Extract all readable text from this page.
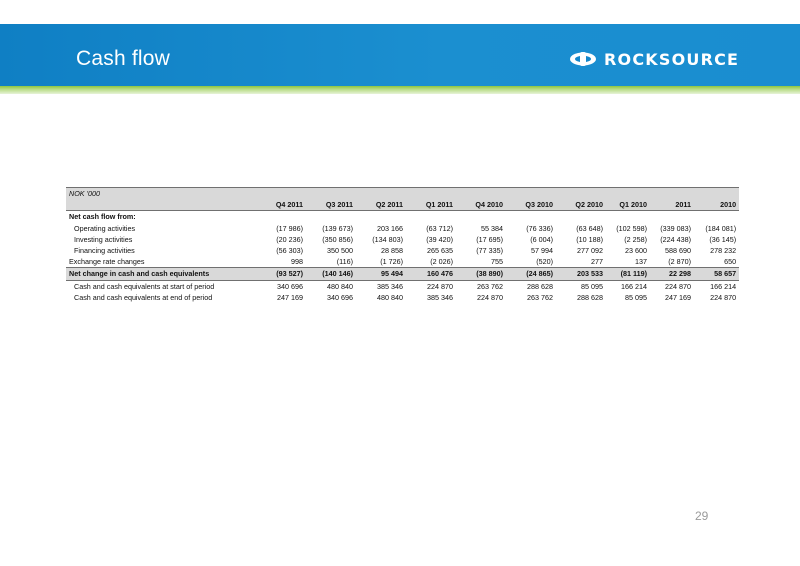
Cash flow	ROCKSOURCE
NOK '000										
	Q4 2011	Q3 2011	Q2 2011	Q1 2011	Q4 2010	Q3 2010	Q2 2010	Q1 2010	2011	2010
Net cash flow from:										
Operating activities	(17 986)	(139 673)	203 166	(63 712)	55 384	(76 336)	(63 648)	(102 598)	(339 083)	(184 081)
Investing activities	(20 236)	(350 856)	(134 803)	(39 420)	(17 695)	(6 004)	(10 188)	(2 258)	(224 438)	(36 145)
Financing activities	(56 303)	350 500	28 858	265 635	(77 335)	57 994	277 092	23 600	588 690	278 232
Exchange rate changes	998	(116)	(1 726)	(2 026)	755	(520)	277	137	(2 870)	650
Net change in cash and cash equivalents	(93 527)	(140 146)	95 494	160 476	(38 890)	(24 865)	203 533	(81 119)	22 298	58 657
Cash and cash equivalents at start of period	340 696	480 840	385 346	224 870	263 762	288 628	85 095	166 214	224 870	166 214
Cash and cash equivalents at end of period	247 169	340 696	480 840	385 346	224 870	263 762	288 628	85 095	247 169	224 870
29
